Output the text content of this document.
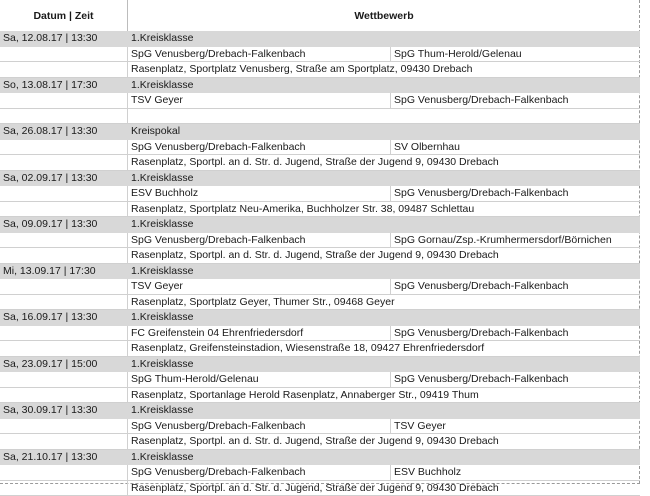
Datum | Zeit	Wettbewerb
Sa, 12.08.17 | 13:30	1.Kreisklasse
SpG Venusberg/Drebach-Falkenbach	SpG Thum-Herold/Gelenau
Rasenplatz, Sportplatz Venusberg, Straße am Sportplatz, 09430 Drebach
So, 13.08.17 | 17:30	1.Kreisklasse
TSV Geyer	SpG Venusberg/Drebach-Falkenbach
Sa, 26.08.17 | 13:30	Kreispokal
SpG Venusberg/Drebach-Falkenbach	SV Olbernhau
Rasenplatz, Sportpl. an d. Str. d. Jugend, Straße der Jugend 9, 09430 Drebach
Sa, 02.09.17 | 13:30	1.Kreisklasse
ESV Buchholz	SpG Venusberg/Drebach-Falkenbach
Rasenplatz, Sportplatz Neu-Amerika, Buchholzer Str. 38, 09487 Schlettau
Sa, 09.09.17 | 13:30	1.Kreisklasse
SpG Venusberg/Drebach-Falkenbach	SpG Gornau/Zsp.-Krumhermersdorf/Börnichen
Rasenplatz, Sportpl. an d. Str. d. Jugend, Straße der Jugend 9, 09430 Drebach
Mi, 13.09.17 | 17:30	1.Kreisklasse
TSV Geyer	SpG Venusberg/Drebach-Falkenbach
Rasenplatz, Sportplatz Geyer, Thumer Str., 09468 Geyer
Sa, 16.09.17 | 13:30	1.Kreisklasse
FC Greifenstein 04 Ehrenfriedersdorf	SpG Venusberg/Drebach-Falkenbach
Rasenplatz, Greifensteinstadion, Wiesenstraße 18, 09427 Ehrenfriedersdorf
Sa, 23.09.17 | 15:00	1.Kreisklasse
SpG Thum-Herold/Gelenau	SpG Venusberg/Drebach-Falkenbach
Rasenplatz, Sportanlage Herold Rasenplatz, Annaberger Str., 09419 Thum
Sa, 30.09.17 | 13:30	1.Kreisklasse
SpG Venusberg/Drebach-Falkenbach	TSV Geyer
Rasenplatz, Sportpl. an d. Str. d. Jugend, Straße der Jugend 9, 09430 Drebach
Sa, 21.10.17 | 13:30	1.Kreisklasse
SpG Venusberg/Drebach-Falkenbach	ESV Buchholz
Rasenplatz, Sportpl. an d. Str. d. Jugend, Straße der Jugend 9, 09430 Drebach
